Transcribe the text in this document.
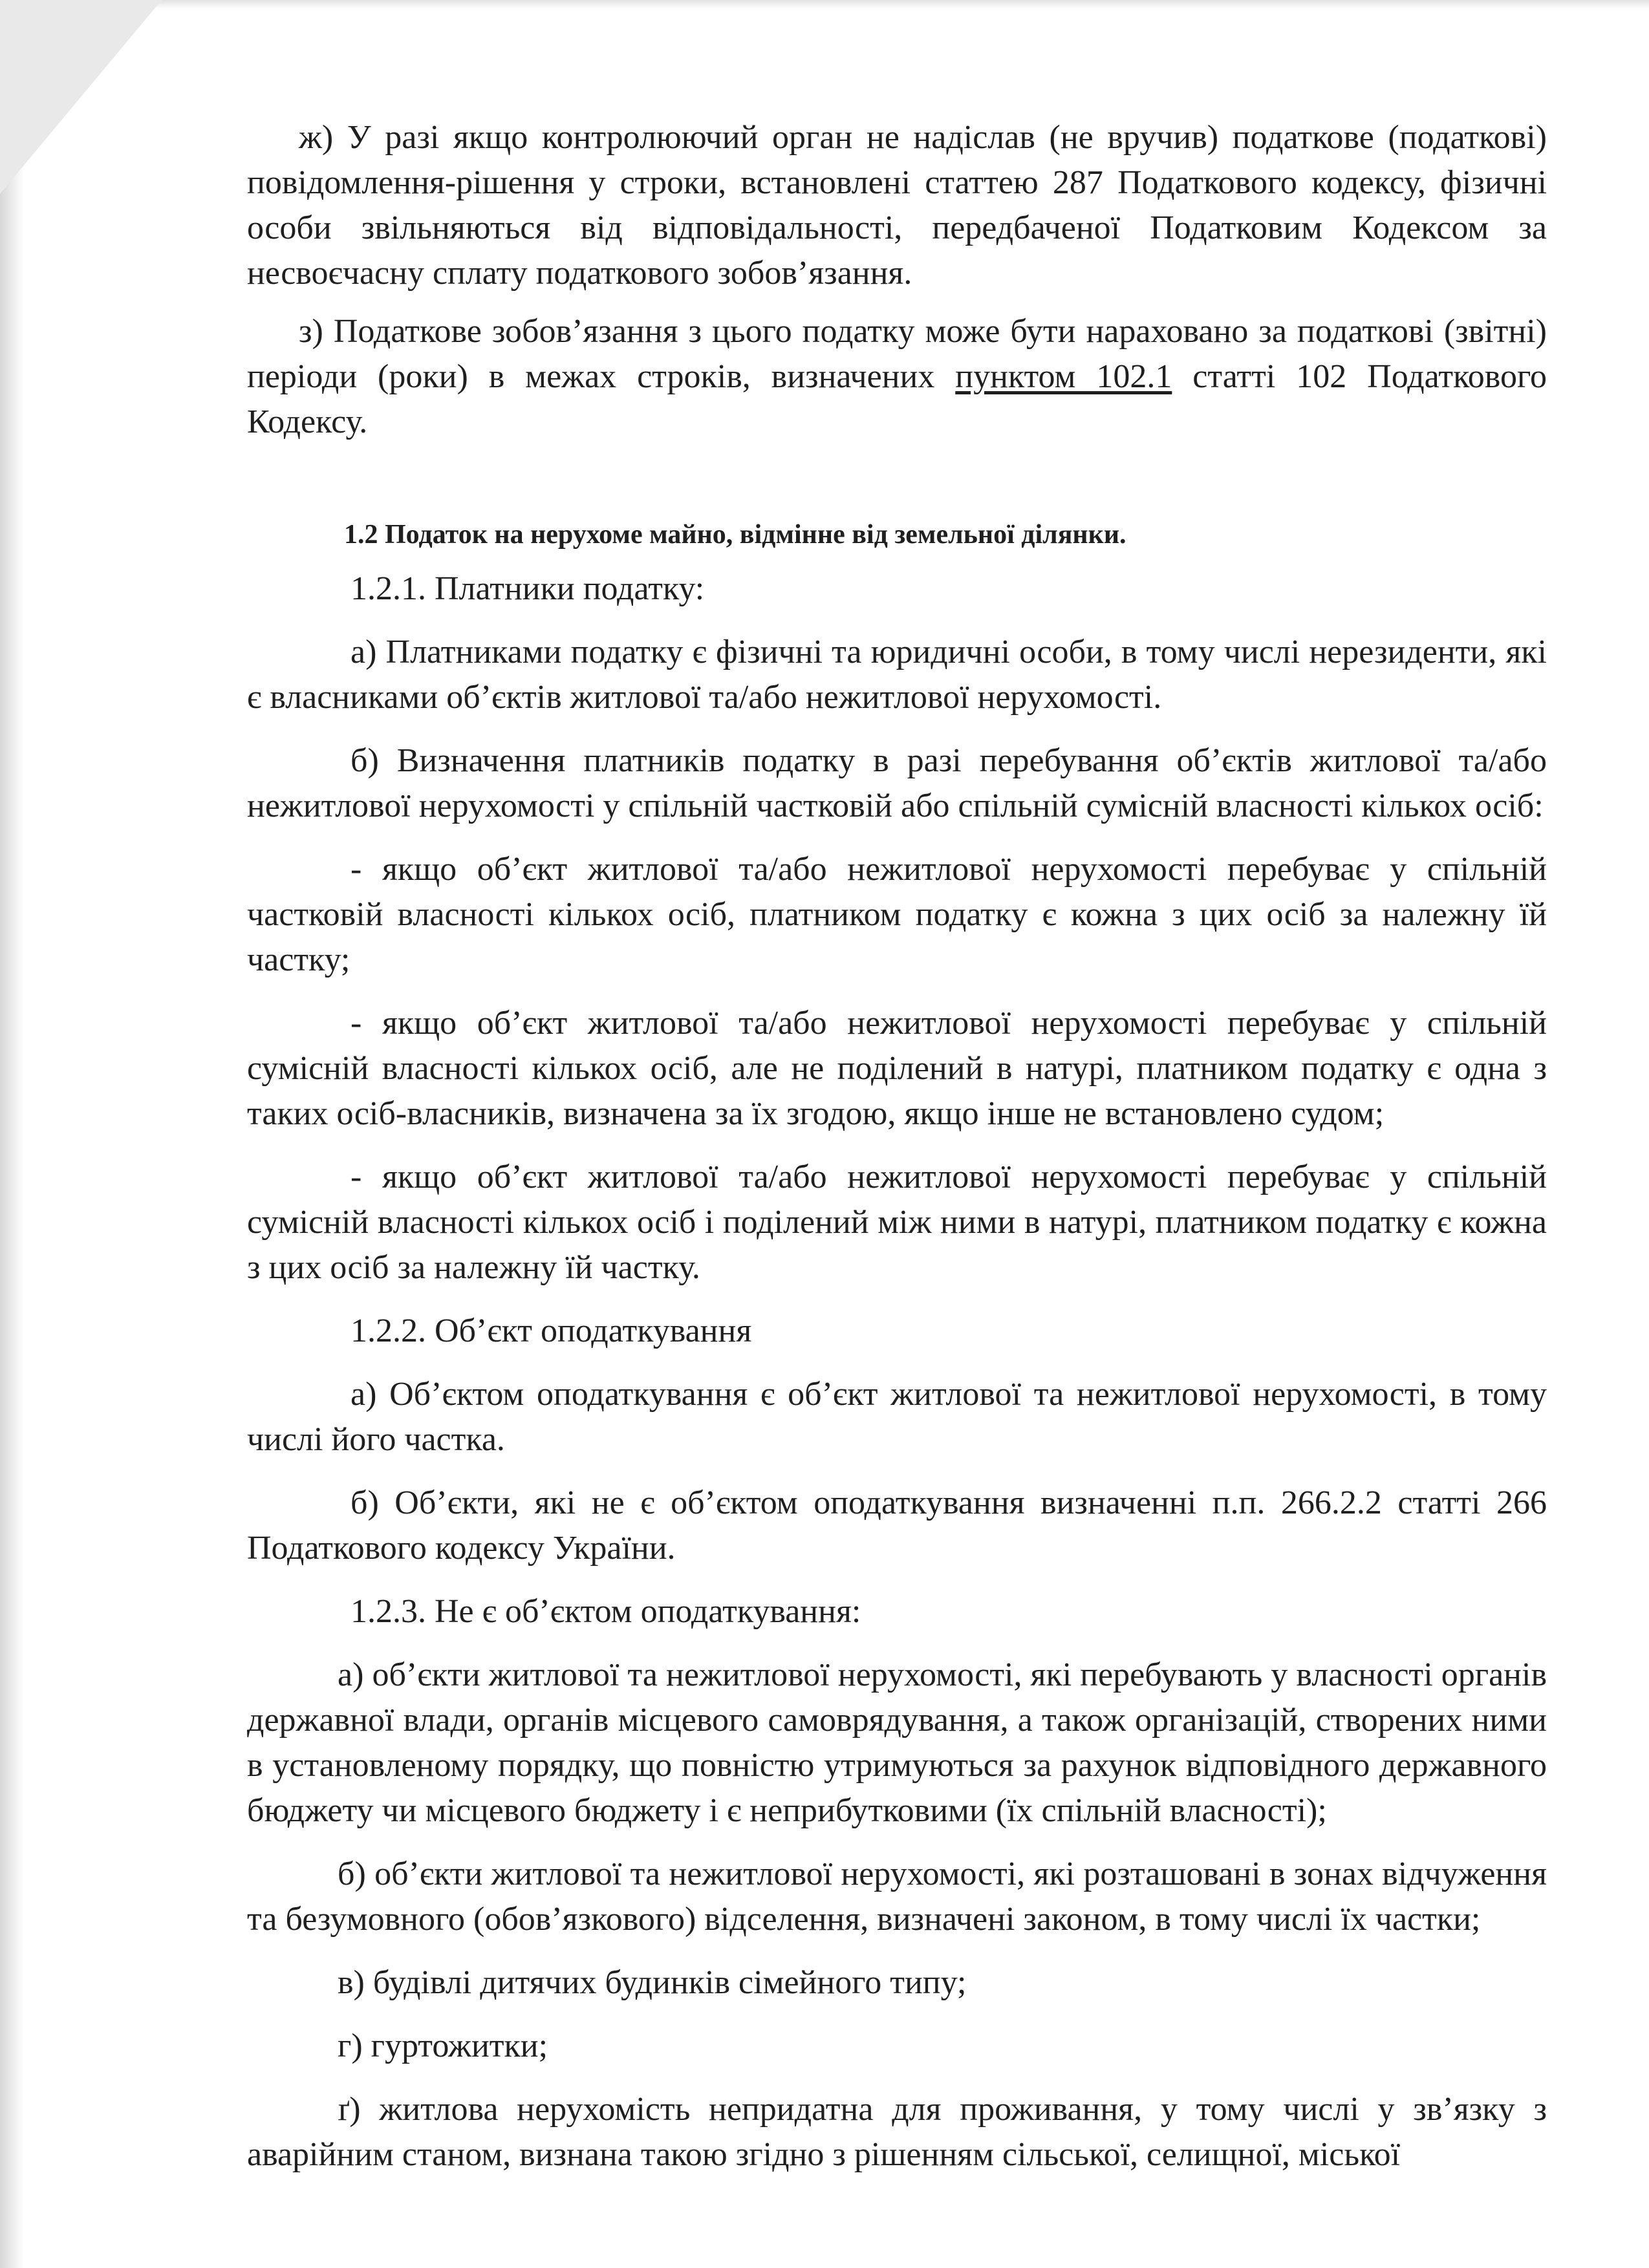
ж) У разі якщо контролюючий орган не надіслав (не вручив) податкове (податкові) повідомлення-рішення у строки, встановлені статтею 287 Податкового кодексу, фізичні особи звільняються від відповідальності, передбаченої Податковим Кодексом за несвоєчасну сплату податкового зобов’язання.

з) Податкове зобов’язання з цього податку може бути нараховано за податкові (звітні) періоди (роки) в межах строків, визначених пунктом 102.1 статті 102 Податкового Кодексу.

1.2 Податок на нерухоме майно, відмінне від земельної ділянки.

1.2.1. Платники податку:

а) Платниками податку є фізичні та юридичні особи, в тому числі нерезиденти, які є власниками об’єктів житлової та/або нежитлової нерухомості.

б) Визначення платників податку в разі перебування об’єктів житлової та/або нежитлової нерухомості у спільній частковій або спільній сумісній власності кількох осіб:

- якщо об’єкт житлової та/або нежитлової нерухомості перебуває у спільній частковій власності кількох осіб, платником податку є кожна з цих осіб за належну їй частку;

- якщо об’єкт житлової та/або нежитлової нерухомості перебуває у спільній сумісній власності кількох осіб, але не поділений в натурі, платником податку є одна з таких осіб-власників, визначена за їх згодою, якщо інше не встановлено судом;

- якщо об’єкт житлової та/або нежитлової нерухомості перебуває у спільній сумісній власності кількох осіб і поділений між ними в натурі, платником податку є кожна з цих осіб за належну їй частку.

1.2.2. Об’єкт оподаткування

а) Об’єктом оподаткування є об’єкт житлової та нежитлової нерухомості, в тому числі його частка.

б) Об’єкти, які не є об’єктом оподаткування визначенні п.п. 266.2.2 статті 266 Податкового кодексу України.

1.2.3. Не є об’єктом оподаткування:

а) об’єкти житлової та нежитлової нерухомості, які перебувають у власності органів державної влади, органів місцевого самоврядування, а також організацій, створених ними в установленому порядку, що повністю утримуються за рахунок відповідного державного бюджету чи місцевого бюджету і є неприбутковими (їх спільній власності);

б) об’єкти житлової та нежитлової нерухомості, які розташовані в зонах відчуження та безумовного (обов’язкового) відселення, визначені законом, в тому числі їх частки;

в) будівлі дитячих будинків сімейного типу;

г) гуртожитки;

ґ) житлова нерухомість непридатна для проживання, у тому числі у зв’язку з аварійним станом, визнана такою згідно з рішенням сільської, селищної, міської
